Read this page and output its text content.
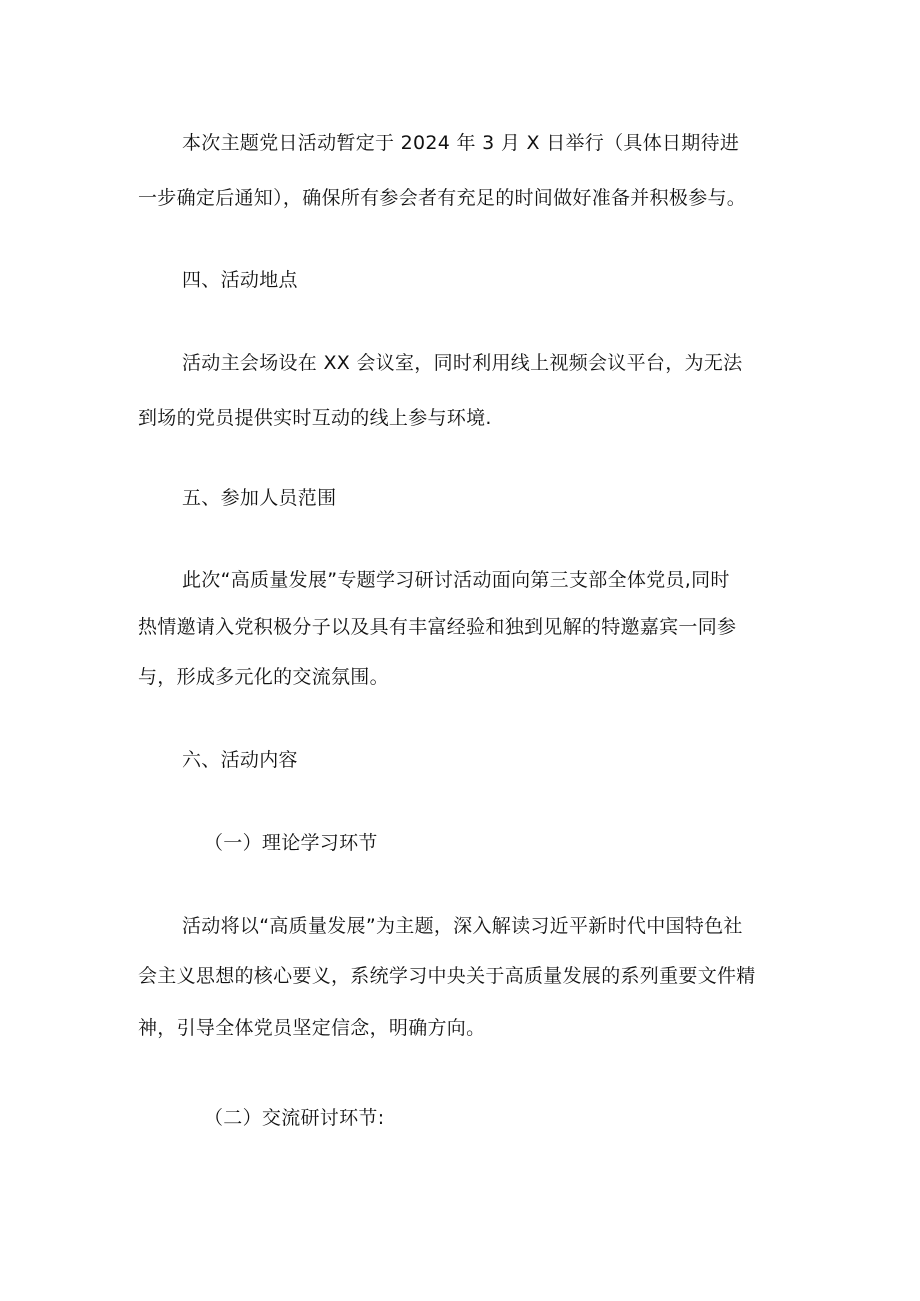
本次主题党日活动暂定于 2024 年 3 月 X 日举行（具体日期待进
一步确定后通知），确保所有参会者有充足的时间做好准备并积极参与。
四、活动地点
活动主会场设在 XX 会议室，同时利用线上视频会议平台，为无法
到场的党员提供实时互动的线上参与环境.
五、参加人员范围
此次“高质量发展”专题学习研讨活动面向第三支部全体党员,同时
热情邀请入党积极分子以及具有丰富经验和独到见解的特邀嘉宾一同参
与，形成多元化的交流氛围。
六、活动内容
（一）理论学习环节
活动将以“高质量发展”为主题，深入解读习近平新时代中国特色社
会主义思想的核心要义，系统学习中央关于高质量发展的系列重要文件精
神，引导全体党员坚定信念，明确方向。
（二）交流研讨环节:
